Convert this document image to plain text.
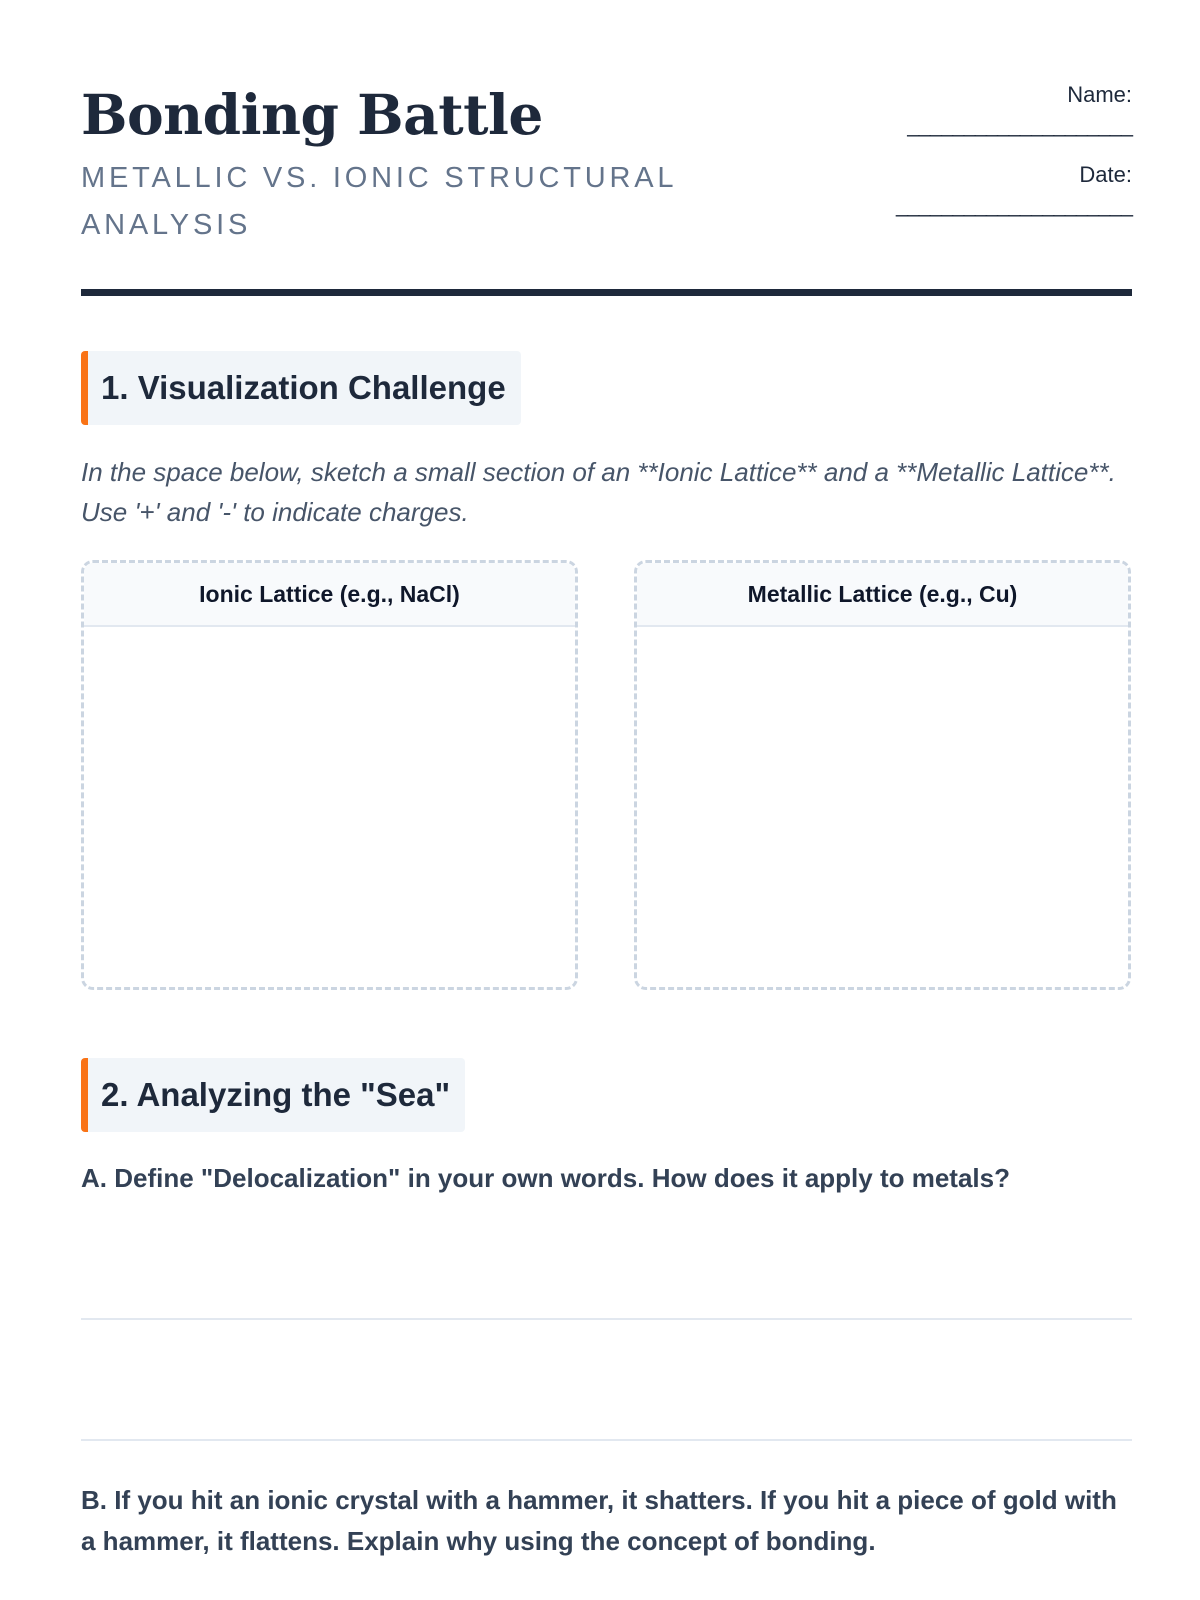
Bonding Battle
METALLIC VS. IONIC STRUCTURAL ANALYSIS
Name:
____________________
Date:
_____________________
1. Visualization Challenge
In the space below, sketch a small section of an **Ionic Lattice** and a **Metallic Lattice**. Use '+' and '-' to indicate charges.
Ionic Lattice (e.g., NaCl)	Metallic Lattice (e.g., Cu)
2. Analyzing the "Sea"
A. Define "Delocalization" in your own words. How does it apply to metals?
B. If you hit an ionic crystal with a hammer, it shatters. If you hit a piece of gold with a hammer, it flattens. Explain why using the concept of bonding.
